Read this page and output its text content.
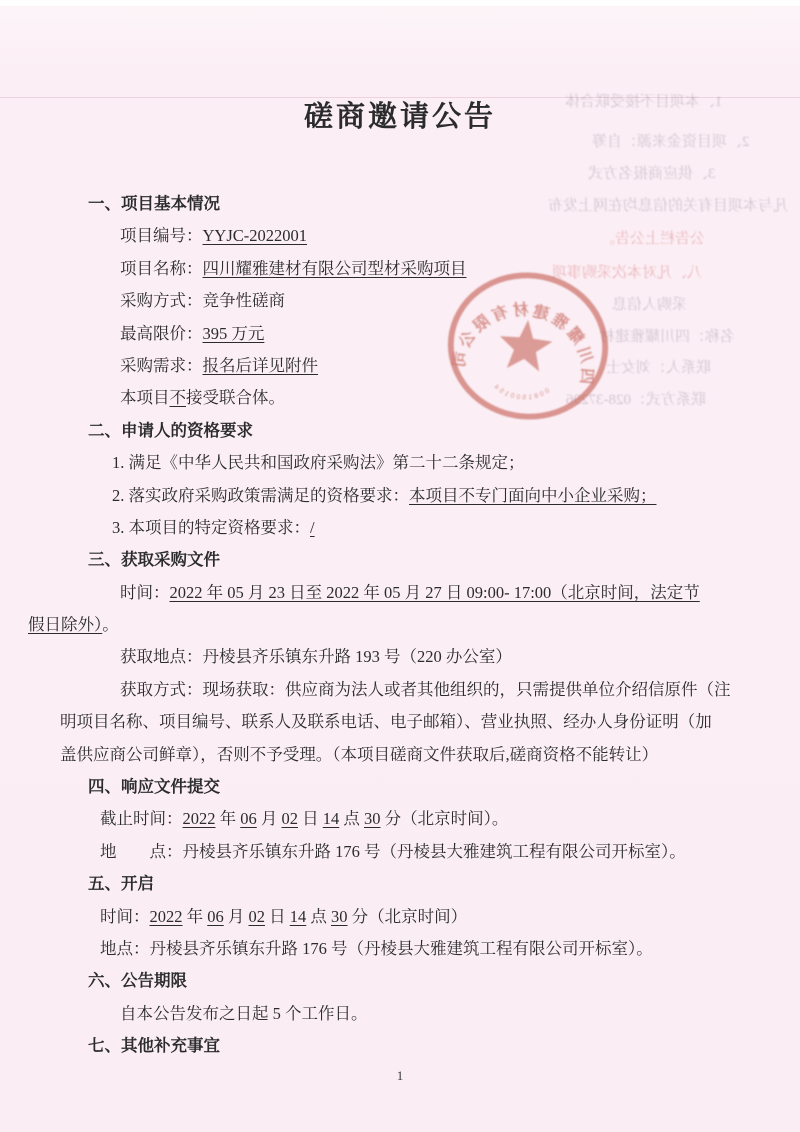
1、本项目不接受联合体
2、项目资金来源：自筹
3、供应商报名方式
凡与本项目有关的信息均在网上发布
公告栏上公告。
八、凡对本次采购事项
采购人信息
名称：四川耀雅建材
联系人：刘女士
联系方式：028-37296
四川耀雅建材有限公司
0081500154
磋商邀请公告
一、项目基本情况
项目编号：YYJC-2022001
项目名称：四川耀雅建材有限公司型材采购项目
采购方式：竞争性磋商
最高限价：395 万元
采购需求：报名后详见附件
本项目不接受联合体。
二、申请人的资格要求
1. 满足《中华人民共和国政府采购法》第二十二条规定；
2. 落实政府采购政策需满足的资格要求：本项目不专门面向中小企业采购；
3. 本项目的特定资格要求：/
三、获取采购文件
时间：2022 年 05 月 23 日至 2022 年 05 月 27 日 09:00- 17:00（北京时间，法定节
假日除外）。
获取地点：丹棱县齐乐镇东升路 193 号（220 办公室）
获取方式：现场获取：供应商为法人或者其他组织的，只需提供单位介绍信原件（注
明项目名称、项目编号、联系人及联系电话、电子邮箱）、营业执照、经办人身份证明（加
盖供应商公司鲜章），否则不予受理。（本项目磋商文件获取后,磋商资格不能转让）
四、响应文件提交
截止时间：2022 年 06 月 02 日 14 点 30 分（北京时间）。
地　　点：丹棱县齐乐镇东升路 176 号（丹棱县大雅建筑工程有限公司开标室）。
五、开启
时间：2022 年 06 月 02 日 14 点 30 分（北京时间）
地点：丹棱县齐乐镇东升路 176 号（丹棱县大雅建筑工程有限公司开标室）。
六、公告期限
自本公告发布之日起 5 个工作日。
七、其他补充事宜
1
